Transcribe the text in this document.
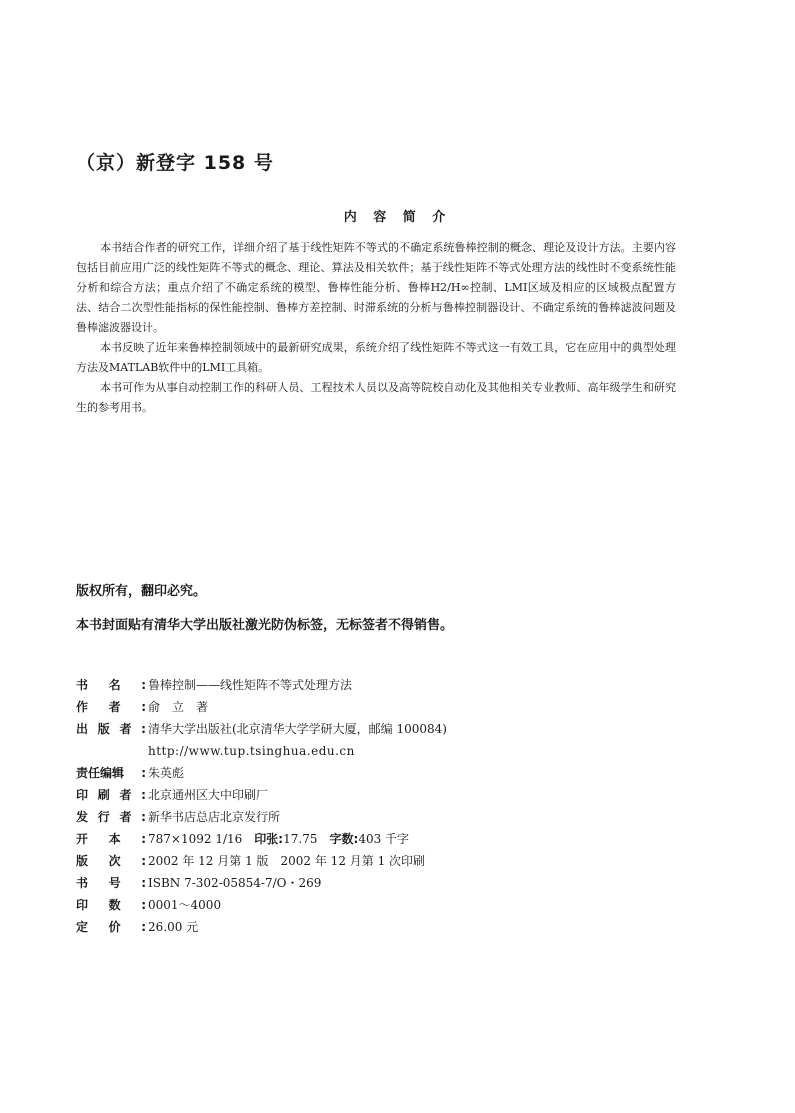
（京）新登字 158 号
内 容 简 介

本书结合作者的研究工作，详细介绍了基于线性矩阵不等式的不确定系统鲁棒控制的概念、理论及设计方法。主要内容包括目前应用广泛的线性矩阵不等式的概念、理论、算法及相关软件；基于线性矩阵不等式处理方法的线性时不变系统性能分析和综合方法；重点介绍了不确定系统的模型、鲁棒性能分析、鲁棒H2/H∞控制、LMI区域及相应的区域极点配置方法、结合二次型性能指标的保性能控制、鲁棒方差控制、时滞系统的分析与鲁棒控制器设计、不确定系统的鲁棒滤波问题及鲁棒滤波器设计。

本书反映了近年来鲁棒控制领域中的最新研究成果，系统介绍了线性矩阵不等式这一有效工具，它在应用中的典型处理方法及MATLAB软件中的LMI工具箱。

本书可作为从事自动控制工作的科研人员、工程技术人员以及高等院校自动化及其他相关专业教师、高年级学生和研究生的参考用书。

版权所有，翻印必究。
本书封面贴有清华大学出版社激光防伪标签，无标签者不得销售。
书 名 : 鲁棒控制——线性矩阵不等式处理方法
作 者 : 俞　立　著
出 版 者 : 清华大学出版社(北京清华大学学研大厦，邮编 100084)
http://www.tup.tsinghua.edu.cn
责任编辑 : 朱英彪
印 刷 者 : 北京通州区大中印刷厂
发 行 者 : 新华书店总店北京发行所
开 本 : 787×1092 1/16　 印张:17.75　 字数:403 千字
版 次 : 2002 年 12 月第 1 版　2002 年 12 月第 1 次印刷
书 号 : ISBN 7-302-05854-7/O・269
印 数 : 0001～4000
定 价 : 26.00 元
